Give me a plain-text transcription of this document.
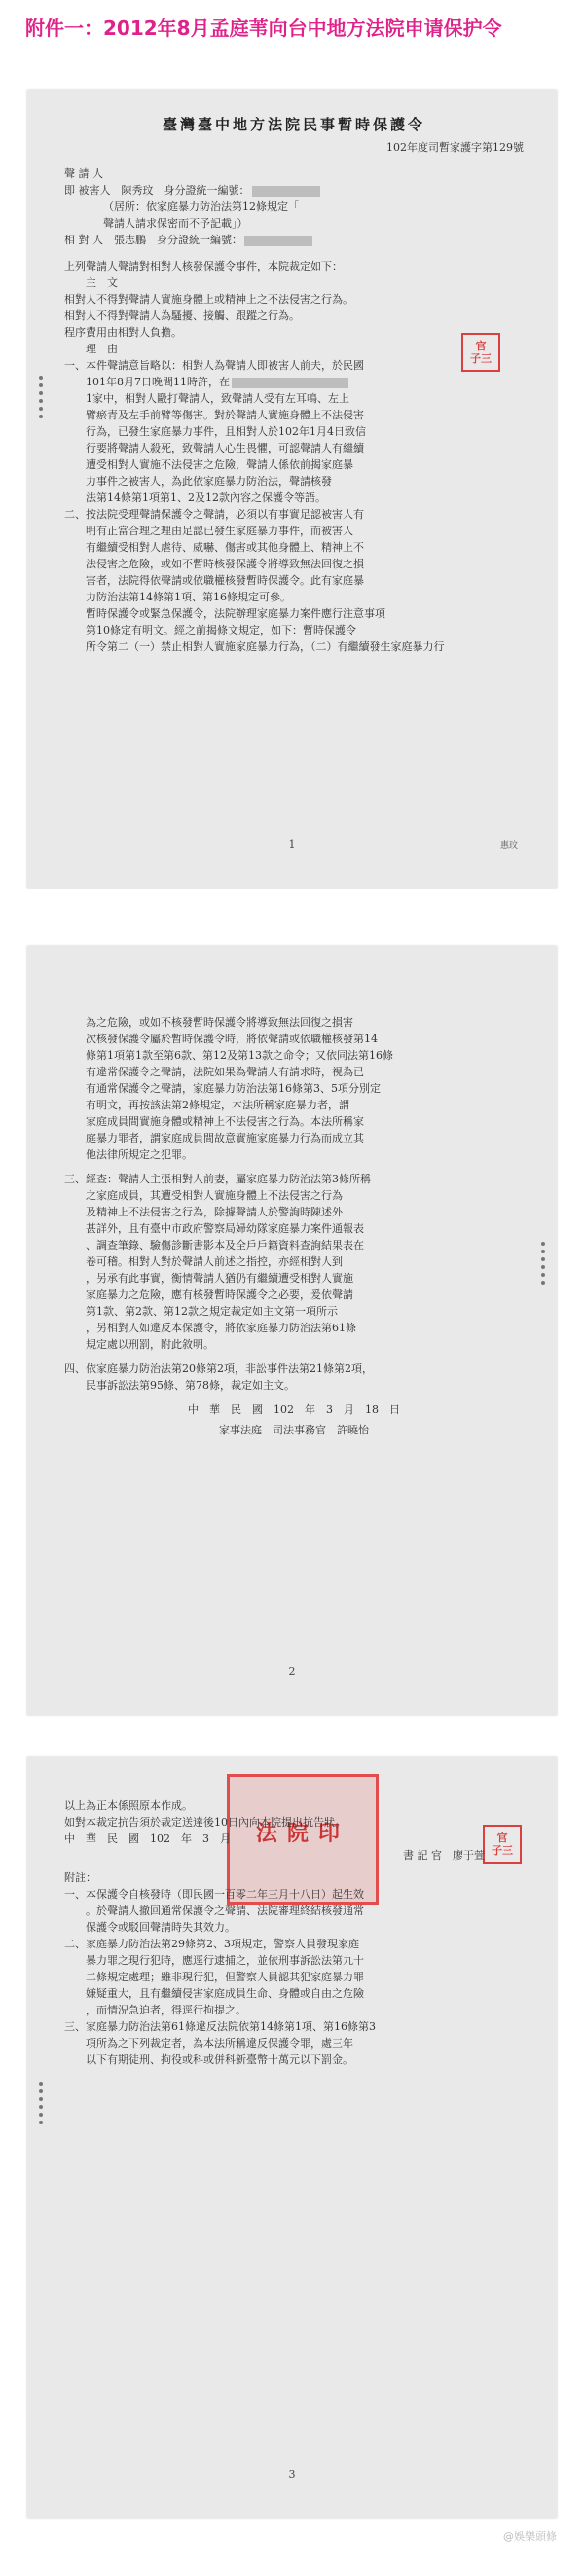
附件一：2012年8月孟庭苇向台中地方法院申请保护令
官
子三
臺灣臺中地方法院民事暫時保護令
102年度司暫家護字第129號
聲 請 人
即 被害人　陳秀玟　身分證統一編號：
（居所：依家庭暴力防治法第12條規定「
聲請人請求保密而不予記載」）
相 對 人　張志鵬　身分證統一編號：
上列聲請人聲請對相對人核發保護令事件，本院裁定如下：
主　文
相對人不得對聲請人實施身體上或精神上之不法侵害之行為。
相對人不得對聲請人為騷擾、接觸、跟蹤之行為。
程序費用由相對人負擔。
理　由
一、本件聲請意旨略以：相對人為聲請人即被害人前夫，於民國
101年8月7日晚間11時許，在
1家中，相對人毆打聲請人，致聲請人受有左耳鳴、左上
臂瘀青及左手前臂等傷害。對於聲請人實施身體上不法侵害
行為，已發生家庭暴力事件，且相對人於102年1月4日致信
行要將聲請人殺死，致聲請人心生畏懼，可認聲請人有繼續
遭受相對人實施不法侵害之危險，聲請人係依前揭家庭暴
力事件之被害人，為此依家庭暴力防治法，聲請核發
法第14條第1項第1、2及12款內容之保護令等語。
二、按法院受理聲請保護令之聲請，必須以有事實足認被害人有
明有正當合理之理由足認已發生家庭暴力事件，而被害人
有繼續受相對人虐待、威嚇、傷害或其他身體上、精神上不
法侵害之危險，或如不暫時核發保護令將導致無法回復之損
害者，法院得依聲請或依職權核發暫時保護令。此有家庭暴
力防治法第14條第1項、第16條規定可參。
暫時保護令或緊急保護令，法院辦理家庭暴力案件應行注意事項
第10條定有明文。經之前揭條文規定，如下：暫時保護令
所令第二（一）禁止相對人實施家庭暴力行為，（二）有繼續發生家庭暴力行
1	惠玟
為之危險，或如不核發暫時保護令將導致無法回復之損害
次核發保護令屬於暫時保護令時，將依聲請或依職權核發第14
條第1項第1款至第6款、第12及第13款之命令；又依同法第16條
有違常保護令之聲請，法院如果為聲請人有請求時，視為已
有通常保護令之聲請，家庭暴力防治法第16條第3、5項分別定
有明文，再按該法第2條規定，本法所稱家庭暴力者，謂
家庭成員間實施身體或精神上不法侵害之行為。本法所稱家
庭暴力罪者，謂家庭成員間故意實施家庭暴力行為而成立其
他法律所規定之犯罪。
三、經查：聲請人主張相對人前妻，屬家庭暴力防治法第3條所稱
之家庭成員，其遭受相對人實施身體上不法侵害之行為
及精神上不法侵害之行為，除據聲請人於警詢時陳述外
甚詳外，且有臺中市政府警察局婦幼隊家庭暴力案件通報表
、調查筆錄、驗傷診斷書影本及全戶戶籍資料查詢結果表在
卷可稽。相對人對於聲請人前述之指控，亦經相對人到
，另承有此事實，衡情聲請人猶仍有繼續遭受相對人實施
家庭暴力之危險，應有核發暫時保護令之必要，爰依聲請
第1款、第2款、第12款之規定裁定如主文第一項所示
，另相對人如違反本保護令，將依家庭暴力防治法第61條
規定處以刑罰，附此敘明。
四、依家庭暴力防治法第20條第2項，非訟事件法第21條第2項，
民事訴訟法第95條、第78條，裁定如主文。
中　華　民　國　102　年　3　月　18　日
家事法庭　司法事務官　許曉怡
2
法院印	官
子三
以上為正本係照原本作成。
如對本裁定抗告須於裁定送達後10日內向本院提出抗告狀。
中　華　民　國　102　年　3　月
書 記 官　廖于萱
附註：
一、本保護令自核發時（即民國一百零二年三月十八日）起生效
。於聲請人撤回通常保護令之聲請、法院審理終結核發通常
保護令或駁回聲請時失其效力。
二、家庭暴力防治法第29條第2、3項規定，警察人員發現家庭
暴力罪之現行犯時，應逕行逮捕之，並依刑事訴訟法第九十
二條規定處理；雖非現行犯，但警察人員認其犯家庭暴力罪
嫌疑重大，且有繼續侵害家庭成員生命、身體或自由之危險
，而情況急迫者，得逕行拘提之。
三、家庭暴力防治法第61條違反法院依第14條第1項、第16條第3
項所為之下列裁定者，為本法所稱違反保護令罪，處三年
以下有期徒刑、拘役或科或併科新臺幣十萬元以下罰金。
3
@娛樂頭條
